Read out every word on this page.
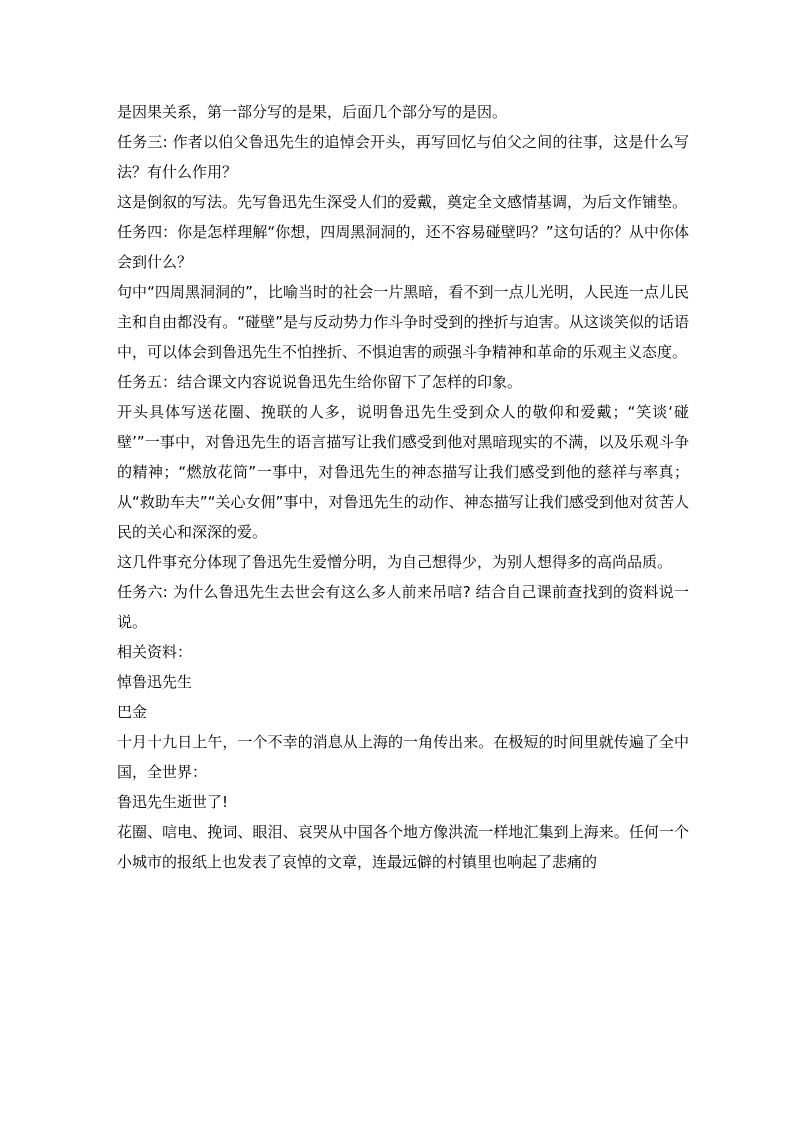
是因果关系，第一部分写的是果，后面几个部分写的是因。

任务三: 作者以伯父鲁迅先生的追悼会开头，再写回忆与伯父之间的往事，这是什么写法？有什么作用？

这是倒叙的写法。先写鲁迅先生深受人们的爱戴，奠定全文感情基调，为后文作铺垫。

任务四：你是怎样理解“你想，四周黑洞洞的，还不容易碰壁吗？”这句话的？从中你体会到什么？

句中“四周黑洞洞的”，比喻当时的社会一片黑暗，看不到一点儿光明，人民连一点儿民主和自由都没有。“碰壁”是与反动势力作斗争时受到的挫折与迫害。从这谈笑似的话语中，可以体会到鲁迅先生不怕挫折、不惧迫害的顽强斗争精神和革命的乐观主义态度。

任务五：结合课文内容说说鲁迅先生给你留下了怎样的印象。

开头具体写送花圈、挽联的人多，说明鲁迅先生受到众人的敬仰和爱戴；“笑谈‘碰壁’”一事中，对鲁迅先生的语言描写让我们感受到他对黑暗现实的不满，以及乐观斗争的精神；“燃放花筒”一事中，对鲁迅先生的神态描写让我们感受到他的慈祥与率真；从“救助车夫”“关心女佣”事中，对鲁迅先生的动作、神态描写让我们感受到他对贫苦人民的关心和深深的爱。

这几件事充分体现了鲁迅先生爱憎分明，为自己想得少，为别人想得多的高尚品质。

任务六: 为什么鲁迅先生去世会有这么多人前来吊唁? 结合自己课前查找到的资料说一说。

相关资料：

悼鲁迅先生

巴金

十月十九日上午，一个不幸的消息从上海的一角传出来。在极短的时间里就传遍了全中国，全世界：

鲁迅先生逝世了!

花圈、唁电、挽词、眼泪、哀哭从中国各个地方像洪流一样地汇集到上海来。任何一个小城市的报纸上也发表了哀悼的文章，连最远僻的村镇里也响起了悲痛的
